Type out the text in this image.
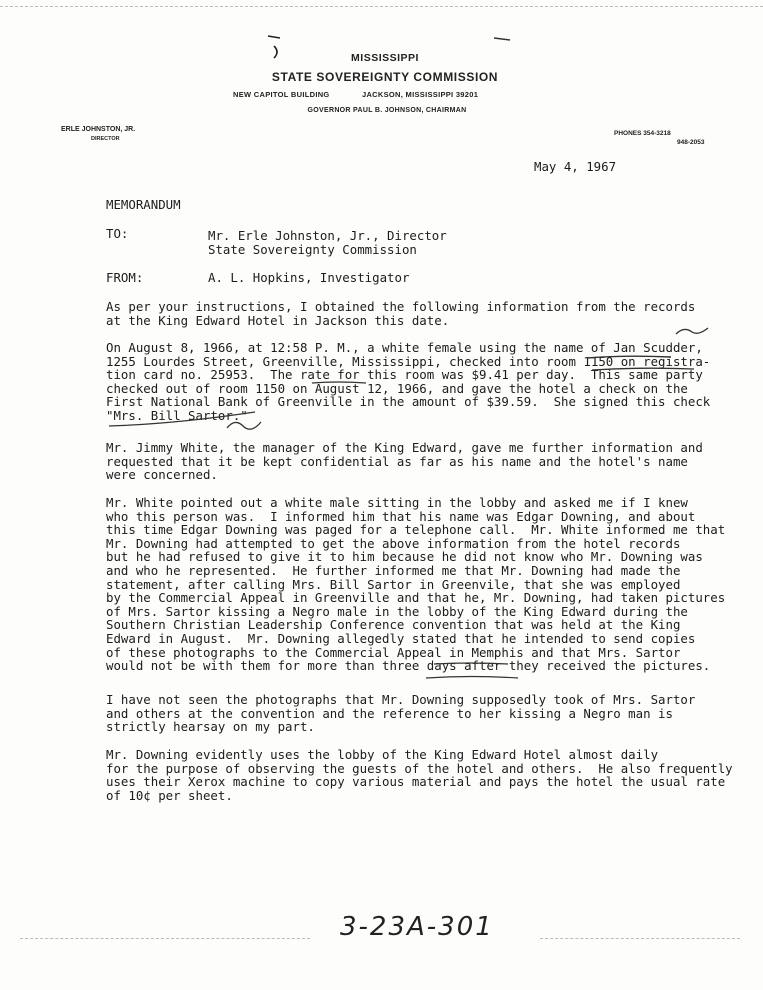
MISSISSIPPI
STATE SOVEREIGNTY COMMISSION
NEW CAPITOL BUILDING	JACKSON, MISSISSIPPI 39201
GOVERNOR PAUL B. JOHNSON, CHAIRMAN
ERLE JOHNSTON, JR.
DIRECTOR
PHONES 354-3218
948-2053
May 4, 1967
MEMORANDUM
TO:	Mr. Erle Johnston, Jr., Director
State Sovereignty Commission
FROM:	A. L. Hopkins, Investigator
As per your instructions, I obtained the following information from the records
at the King Edward Hotel in Jackson this date.
On August 8, 1966, at 12:58 P. M., a white female using the name of Jan Scudder,
1255 Lourdes Street, Greenville, Mississippi, checked into room 1150 on registra-
tion card no. 25953.  The rate for this room was $9.41 per day.  This same party
checked out of room 1150 on August 12, 1966, and gave the hotel a check on the
First National Bank of Greenville in the amount of $39.59.  She signed this check
"Mrs. Bill Sartor."
Mr. Jimmy White, the manager of the King Edward, gave me further information and
requested that it be kept confidential as far as his name and the hotel's name
were concerned.
Mr. White pointed out a white male sitting in the lobby and asked me if I knew
who this person was.  I informed him that his name was Edgar Downing, and about
this time Edgar Downing was paged for a telephone call.  Mr. White informed me that
Mr. Downing had attempted to get the above information from the hotel records
but he had refused to give it to him because he did not know who Mr. Downing was
and who he represented.  He further informed me that Mr. Downing had made the
statement, after calling Mrs. Bill Sartor in Greenvile, that she was employed
by the Commercial Appeal in Greenville and that he, Mr. Downing, had taken pictures
of Mrs. Sartor kissing a Negro male in the lobby of the King Edward during the
Southern Christian Leadership Conference convention that was held at the King
Edward in August.  Mr. Downing allegedly stated that he intended to send copies
of these photographs to the Commercial Appeal in Memphis and that Mrs. Sartor
would not be with them for more than three days after they received the pictures.
I have not seen the photographs that Mr. Downing supposedly took of Mrs. Sartor
and others at the convention and the reference to her kissing a Negro man is
strictly hearsay on my part.
Mr. Downing evidently uses the lobby of the King Edward Hotel almost daily
for the purpose of observing the guests of the hotel and others.  He also frequently
uses their Xerox machine to copy various material and pays the hotel the usual rate
of 10¢ per sheet.
3-23A-301
